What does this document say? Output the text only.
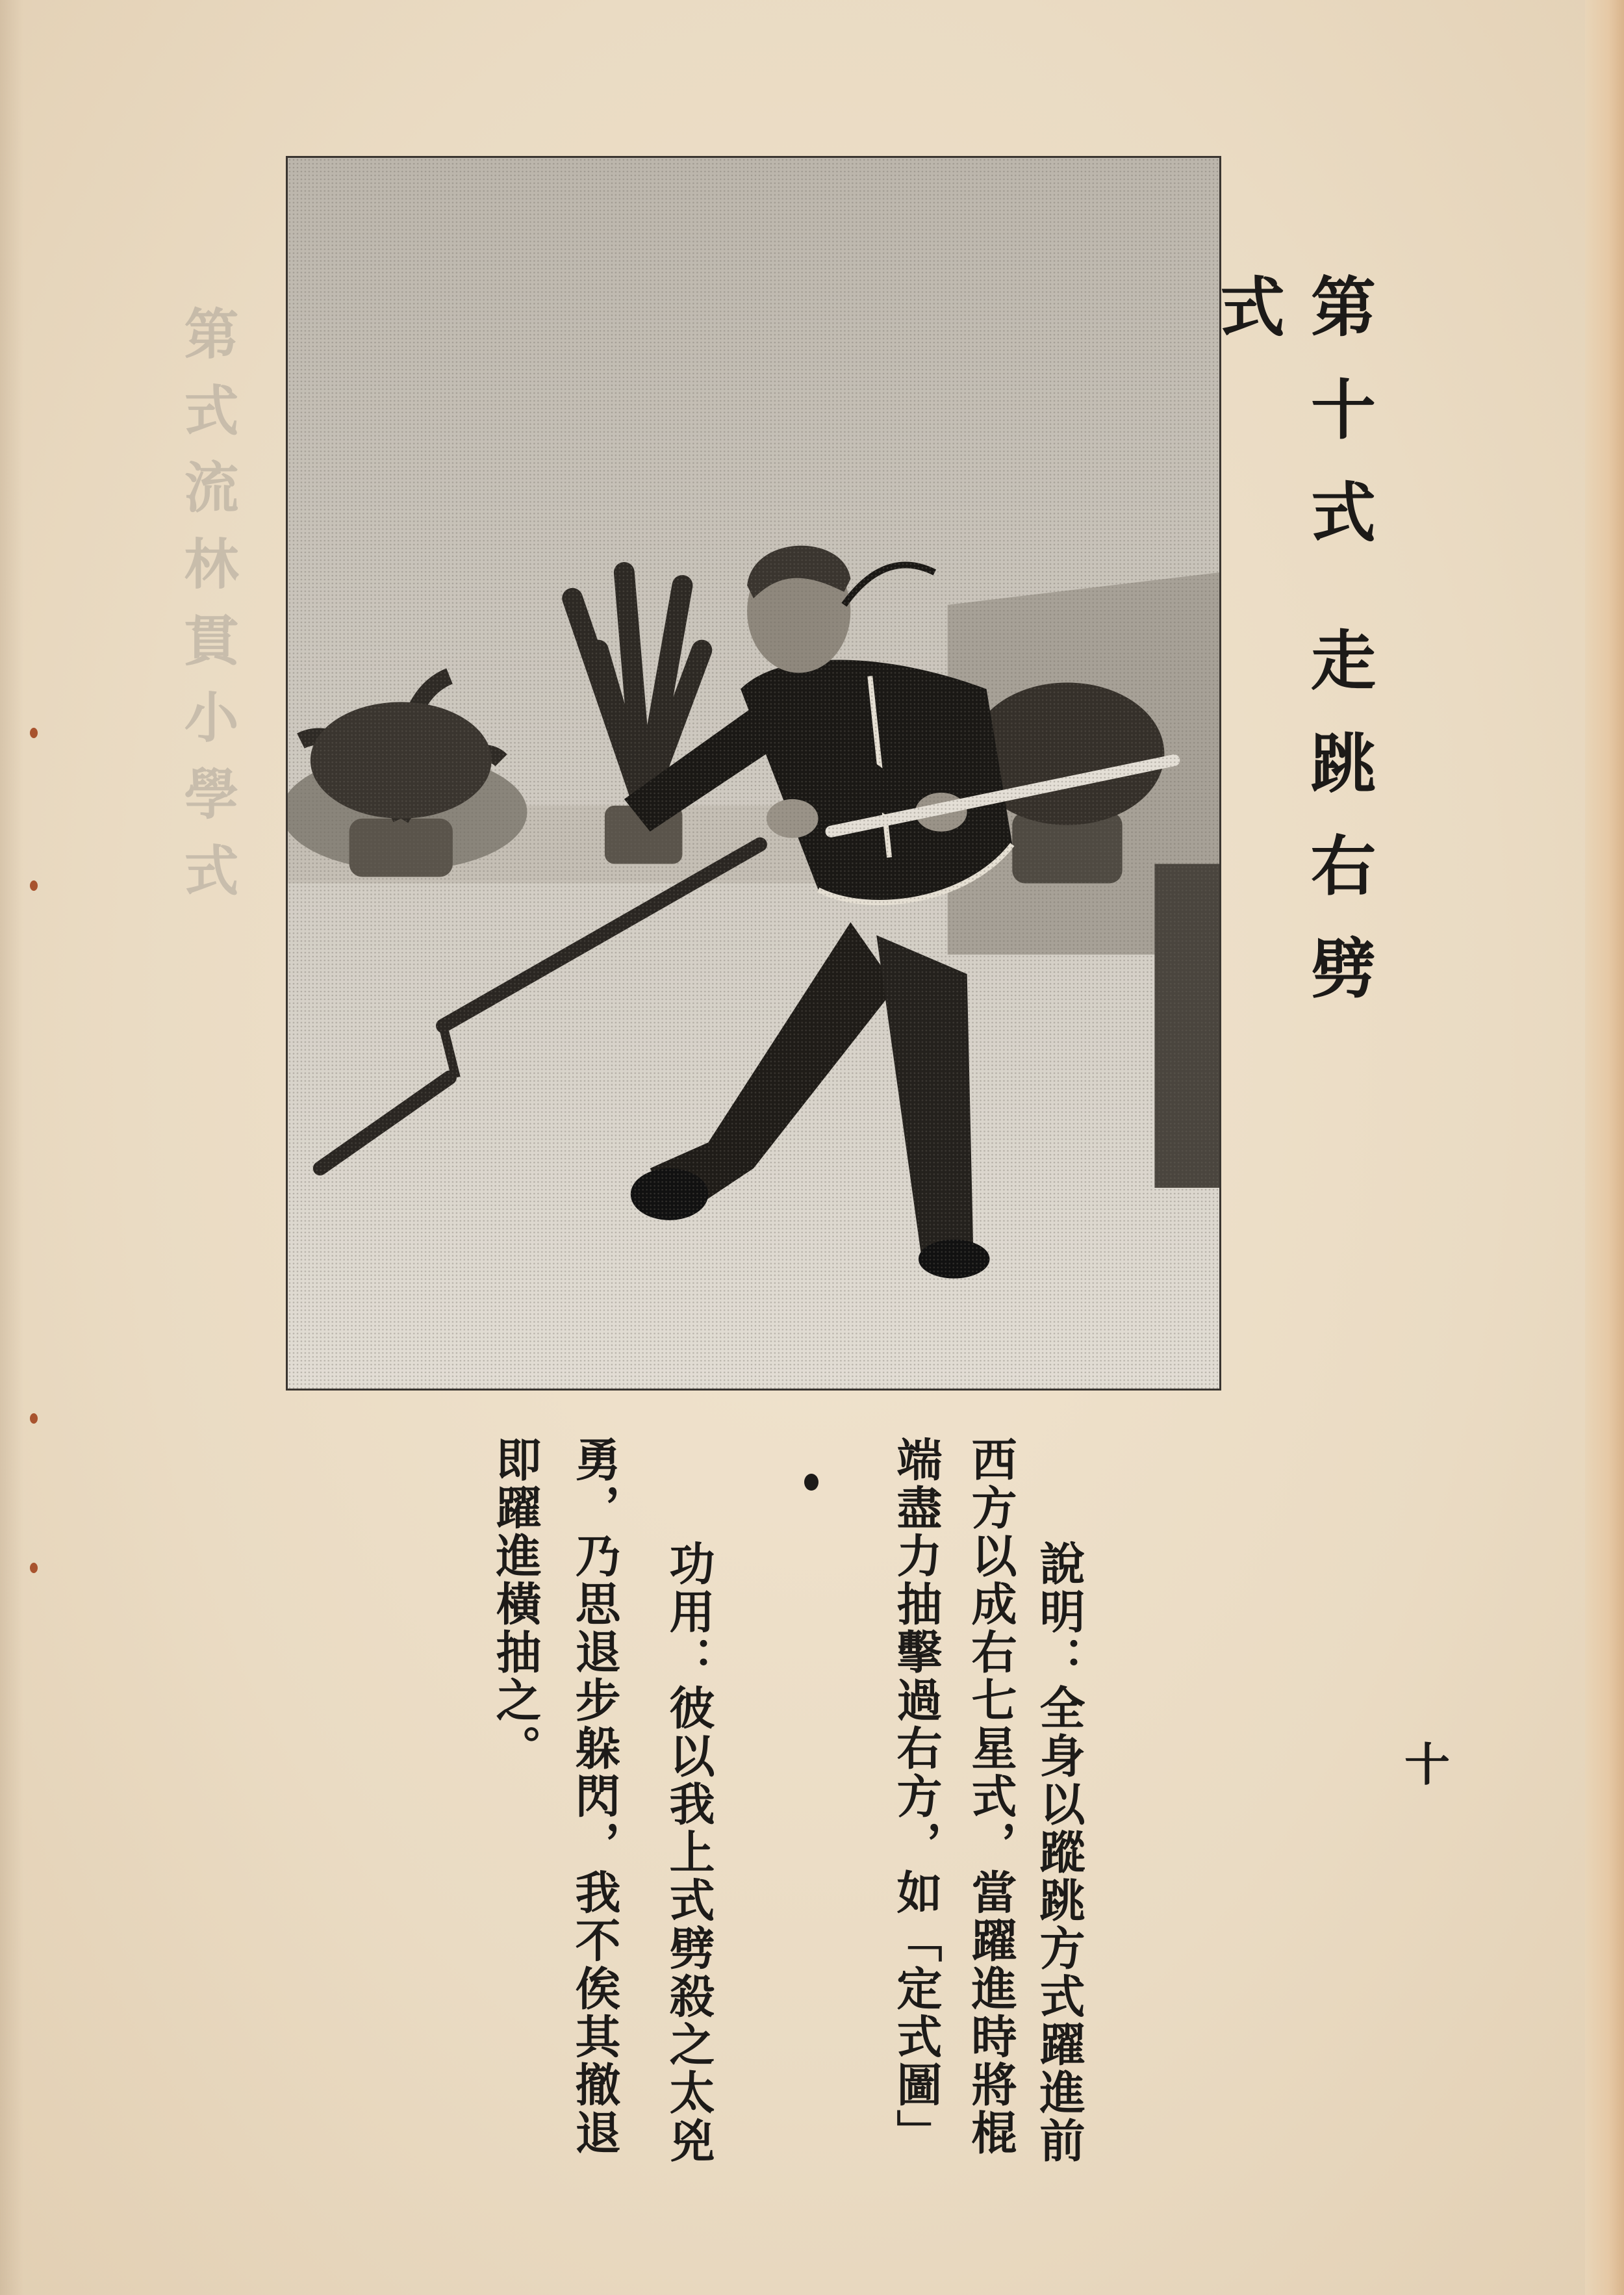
第式流林貫小學式	第十式走跳右劈式
說明：全身以蹤跳方式躍進前
西方以成右七星式，當躍進時將棍
端盡力抽擊過右方，如「定式圖」
功用：彼以我上式劈殺之太兇
勇，乃思退步躲閃，我不俟其撤退
即躍進橫抽之。	十
